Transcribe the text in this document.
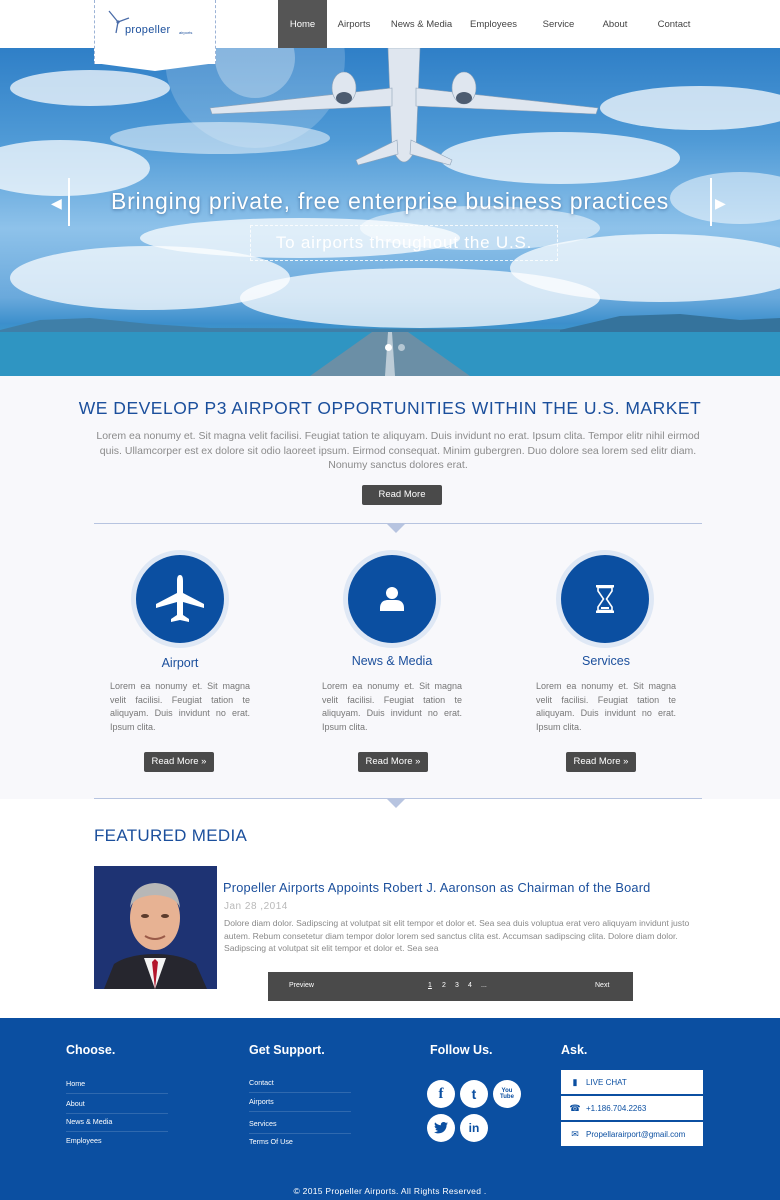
propeller airports
Home	Airports	News & Media	Employees	Service	About	Contact
Bringing private, free enterprise business practices
To airports throughout the U.S.
◀	▶
WE DEVELOP P3 AIRPORT OPPORTUNITIES WITHIN THE U.S. MARKET
Lorem ea nonumy et. Sit magna velit facilisi. Feugiat tation te aliquyam. Duis invidunt no erat. Ipsum clita. Tempor elitr nihil eirmod quis. Ullamcorper est ex dolore sit odio laoreet ipsum. Eirmod consequat. Minim gubergren. Duo dolore sea lorem sed elitr diam. Nonumy sanctus dolores erat.
Read More
Airport
Lorem ea nonumy et. Sit magna velit facilisi. Feugiat tation te aliquyam. Duis invidunt no erat. Ipsum clita.
Read More »
News & Media
Lorem ea nonumy et. Sit magna velit facilisi. Feugiat tation te aliquyam. Duis invidunt no erat. Ipsum clita.
Read More »
Services
Lorem ea nonumy et. Sit magna velit facilisi. Feugiat tation te aliquyam. Duis invidunt no erat. Ipsum clita.
Read More »
FEATURED MEDIA
Propeller Airports Appoints Robert J. Aaronson as Chairman of the Board
Jan 28 ,2014
Dolore diam dolor. Sadipscing at volutpat sit elit tempor et dolor et. Sea sea duis voluptua erat vero aliquyam invidunt justo autem. Rebum consetetur diam tempor dolor lorem sed sanctus clita est. Accumsan sadipscing clita. Dolore diam dolor. Sadipscing at volutpat sit elit tempor et dolor et. Sea sea
Preview	1 2 3 4 ...	Next
Choose.
Home
About
News & Media
Employees
Get Support.
Contact
Airports
Services
Terms Of Use
Follow Us.
f t	You Tube
in
Ask.
▮	LIVE CHAT
☎ +1.186.704.2263
✉ Propellarairport@gmail.com
© 2015 Propeller Airports. All Rights Reserved .
